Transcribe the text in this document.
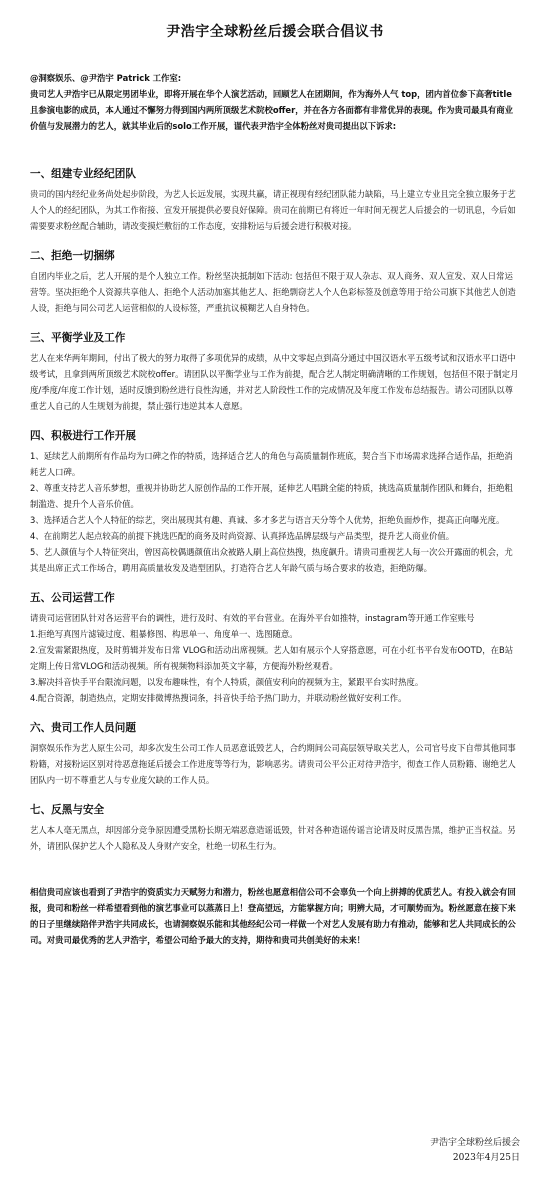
尹浩宇全球粉丝后援会联合倡议书

@洞察娱乐、@尹浩宇 Patrick 工作室:

贵司艺人尹浩宇已从限定男团毕业，即将开展在华个人演艺活动，回顾艺人在团期间，作为海外人气 top，团内首位参下高奢title 且参演电影的成员，本人通过不懈努力得到国内两所顶级艺术院校offer，并在各方各面都有非常优异的表现。作为贵司最具有商业价值与发展潜力的艺人，就其毕业后的solo工作开展，谨代表尹浩宇全体粉丝对贵司提出以下诉求:

一、组建专业经纪团队

贵司的国内经纪业务尚处起步阶段，为艺人长远发展，实现共赢，请正视现有经纪团队能力缺陷，马上建立专业且完全独立服务于艺人个人的经纪团队，为其工作衔接、宣发开展提供必要良好保障。贵司在前期已有将近一年时间无视艺人后援会的一切讯息，今后如需要要求粉丝配合辅助，请改变摸烂敷衍的工作态度，安排粉运与后援会进行积极对接。

二、拒绝一切捆绑

自团内毕业之后，艺人开展的是个人独立工作。粉丝坚决抵制如下活动: 包括但不限于双人杂志、双人商务、双人宣发、双人日常运营等。坚决拒绝个人资源共享他人、拒绝个人活动加塞其他艺人、拒绝剽窃艺人个人色彩标签及创意等用于给公司旗下其他艺人创造人设，拒绝与同公司艺人运营相似的人设标签，严重抗议模糊艺人自身特色。

三、平衡学业及工作

艺人在来华两年期间，付出了极大的努力取得了多项优异的成绩，从中文零起点到高分通过中国汉语水平五级考试和汉语水平口语中级考试，且拿到两所顶级艺术院校offer。请团队以平衡学业与工作为前提，配合艺人制定明确清晰的工作规划，包括但不限于制定月度/季度/年度工作计划，适时反馈到粉丝进行良性沟通，并对艺人阶段性工作的完成情况及年度工作发布总结报告。请公司团队以尊重艺人自己的人生规划为前提，禁止强行违逆其本人意愿。

四、积极进行工作开展

1、延续艺人前期所有作品均为口碑之作的特质，选择适合艺人的角色与高质量制作班底，契合当下市场需求选择合适作品，拒绝消耗艺人口碑。

2、尊重支持艺人音乐梦想，重视并协助艺人原创作品的工作开展，延伸艺人唱跳全能的特质，挑选高质量制作团队和舞台，拒绝粗制滥造、提升个人音乐价值。

3、选择适合艺人个人特征的综艺，突出展现其有趣、真诚、多才多艺与语言天分等个人优势，拒绝负面炒作，提高正向曝光度。

4、在前期艺人起点较高的前提下挑选匹配的商务及时尚资源、认真择选品牌层级与产品类型，提升艺人商业价值。

5、艺人颜值与个人特征突出，曾因高校偶遇颜值出众被路人刷上高位热搜，热度飙升。请贵司重视艺人每一次公开露面的机会，尤其是出席正式工作场合，聘用高质量妆发及造型团队，打造符合艺人年龄气质与场合要求的妆造，拒绝防爆。

五、公司运营工作

请贵司运营团队针对各运营平台的调性，进行及时、有效的平台营业。在海外平台如推特，instagram等开通工作室账号

1.拒绝写真图片滤镜过度、粗暴修图、构思单一、角度单一、选图随意。

2.宣发需紧跟热度，及时剪辑并发布日常 VLOG和活动出席视频。艺人如有展示个人穿搭意愿，可在小红书平台发布OOTD，在B站定期上传日常VLOG和活动视频。所有视频物料添加英文字幕，方便海外粉丝观看。

3.解决抖音快手平台限流问题，以发布趣味性，有个人特质，颜值安利向的视频为主，紧跟平台实时热度。

4.配合资源，制造热点，定期安排微博热搜词条，抖音快手给予热门助力，并联动粉丝做好安利工作。

六、贵司工作人员问题

洞察娱乐作为艺人原生公司，却多次发生公司工作人员恶意诋毁艺人，合约期间公司高层领导取关艺人，公司官号皮下自带其他同事粉籍，对接粉运区别对待恶意拖延后援会工作进度等等行为，影响恶劣。请贵司公平公正对待尹浩宇，彻查工作人员粉籍、谢绝艺人团队内一切不尊重艺人与专业度欠缺的工作人员。

七、反黑与安全

艺人本人毫无黑点，却因部分竞争原因遭受黑粉长期无端恶意造谣诋毁，针对各种造谣传谣言论请及时反黑告黑，维护正当权益。另外，请团队保护艺人个人隐私及人身财产安全，杜绝一切私生行为。

相信贵司应该也看到了尹浩宇的资质实力天赋努力和潜力，粉丝也愿意相信公司不会辜负一个向上拼搏的优质艺人。有投入就会有回报，贵司和粉丝一样希望看到他的演艺事业可以蒸蒸日上！登高望远，方能掌握方向；明辨大局，才可顺势而为。粉丝愿意在接下来的日子里继续陪伴尹浩宇共同成长，也请洞察娱乐能和其他经纪公司一样做一个对艺人发展有助力有推动，能够和艺人共同成长的公司。对贵司最优秀的艺人尹浩宇，希望公司给予最大的支持，期待和贵司共创美好的未来！

尹浩宇全球粉丝后援会
2023年4月25日
